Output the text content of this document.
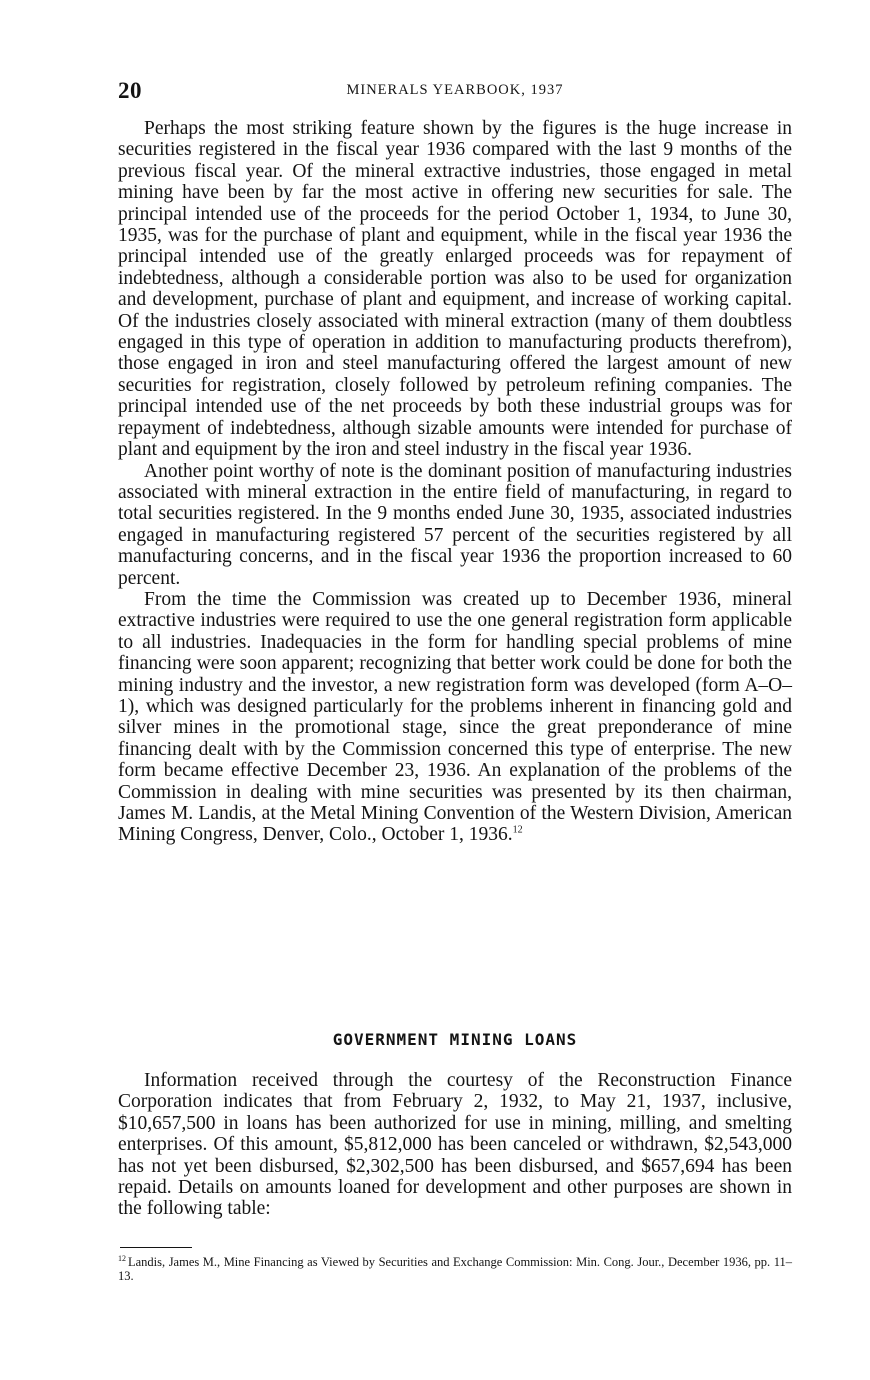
20	MINERALS YEARBOOK, 1937

Perhaps the most striking feature shown by the figures is the huge increase in securities registered in the fiscal year 1936 compared with the last 9 months of the previous fiscal year. Of the mineral extractive industries, those engaged in metal mining have been by far the most active in offering new securities for sale. The principal intended use of the proceeds for the period October 1, 1934, to June 30, 1935, was for the purchase of plant and equipment, while in the fiscal year 1936 the principal intended use of the greatly enlarged proceeds was for repayment of indebtedness, although a considerable portion was also to be used for organization and development, purchase of plant and equipment, and increase of working capital. Of the industries closely associated with mineral extraction (many of them doubtless engaged in this type of operation in addition to manufacturing products therefrom), those engaged in iron and steel manufacturing offered the largest amount of new securities for registration, closely followed by petroleum refining companies. The principal intended use of the net proceeds by both these industrial groups was for repayment of indebtedness, although sizable amounts were intended for purchase of plant and equipment by the iron and steel industry in the fiscal year 1936.

Another point worthy of note is the dominant position of manufacturing industries associated with mineral extraction in the entire field of manufacturing, in regard to total securities registered. In the 9 months ended June 30, 1935, associated industries engaged in manufacturing registered 57 percent of the securities registered by all manufacturing concerns, and in the fiscal year 1936 the proportion increased to 60 percent.

From the time the Commission was created up to December 1936, mineral extractive industries were required to use the one general registration form applicable to all industries. Inadequacies in the form for handling special problems of mine financing were soon apparent; recognizing that better work could be done for both the mining industry and the investor, a new registration form was developed (form A–O–1), which was designed particularly for the problems inherent in financing gold and silver mines in the promotional stage, since the great preponderance of mine financing dealt with by the Commission concerned this type of enterprise. The new form became effective December 23, 1936. An explanation of the problems of the Commission in dealing with mine securities was presented by its then chairman, James M. Landis, at the Metal Mining Convention of the Western Division, American Mining Congress, Denver, Colo., October 1, 1936.12

GOVERNMENT MINING LOANS

Information received through the courtesy of the Reconstruction Finance Corporation indicates that from February 2, 1932, to May 21, 1937, inclusive, $10,657,500 in loans has been authorized for use in mining, milling, and smelting enterprises. Of this amount, $5,812,000 has been canceled or withdrawn, $2,543,000 has not yet been disbursed, $2,302,500 has been disbursed, and $657,694 has been repaid. Details on amounts loaned for development and other purposes are shown in the following table:

$^{12}$ Landis, James M., Mine Financing as Viewed by Securities and Exchange Commission: Min. Cong. Jour., December 1936, pp. 11–13.
